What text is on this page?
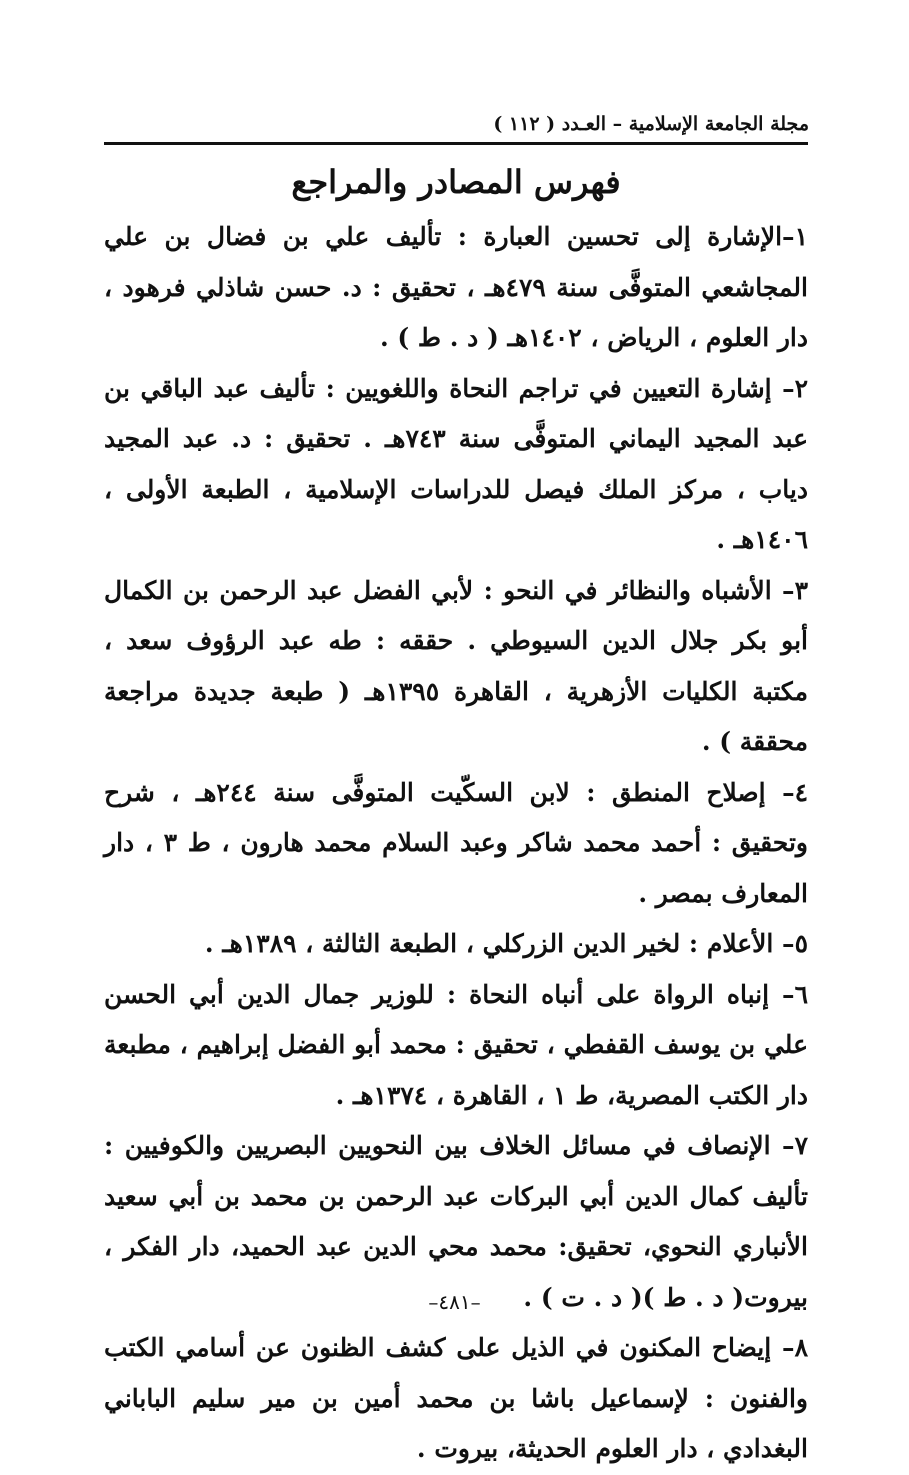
مجلة الجامعة الإسلامية – العـدد ( ١١٢ )
فهرس المصادر والمراجع

١–الإشارة إلى تحسين العبارة : تأليف علي بن فضال بن علي المجاشعي المتوفَّى سنة ٤٧٩هـ ، تحقيق : د. حسن شاذلي فرهود ، دار العلوم ، الرياض ، ١٤٠٢هـ ( د . ط ) .

٢– إشارة التعيين في تراجم النحاة واللغويين : تأليف عبد الباقي بن عبد المجيد اليماني المتوفَّى سنة ٧٤٣هـ . تحقيق : د. عبد المجيد دياب ، مركز الملك فيصل للدراسات الإسلامية ، الطبعة الأولى ، ١٤٠٦هـ .

٣– الأشباه والنظائر في النحو : لأبي الفضل عبد الرحمن بن الكمال أبو بكر جلال الدين السيوطي . حققه : طه عبد الرؤوف سعد ، مكتبة الكليات الأزهرية ، القاهرة ١٣٩٥هـ ( طبعة جديدة مراجعة محققة ) .

٤– إصلاح المنطق : لابن السكّيت المتوفَّى سنة ٢٤٤هـ ، شرح وتحقيق : أحمد محمد شاكر وعبد السلام محمد هارون ، ط ٣ ، دار المعارف بمصر .

٥– الأعلام : لخير الدين الزركلي ، الطبعة الثالثة ، ١٣٨٩هـ .

٦– إنباه الرواة على أنباه النحاة : للوزير جمال الدين أبي الحسن علي بن يوسف القفطي ، تحقيق : محمد أبو الفضل إبراهيم ، مطبعة دار الكتب المصرية، ط ١ ، القاهرة ، ١٣٧٤هـ .

٧– الإنصاف في مسائل الخلاف بين النحويين البصريين والكوفيين : تأليف كمال الدين أبي البركات عبد الرحمن بن محمد بن أبي سعيد الأنباري النحوي، تحقيق: محمد محي الدين عبد الحميد، دار الفكر ، بيروت( د . ط )( د . ت ) .

٨– إيضاح المكنون في الذيل على كشف الظنون عن أسامي الكتب والفنون : لإسماعيل باشا بن محمد أمين بن مير سليم الباباني البغدادي ، دار العلوم الحديثة، بيروت .

–٤٨١–
